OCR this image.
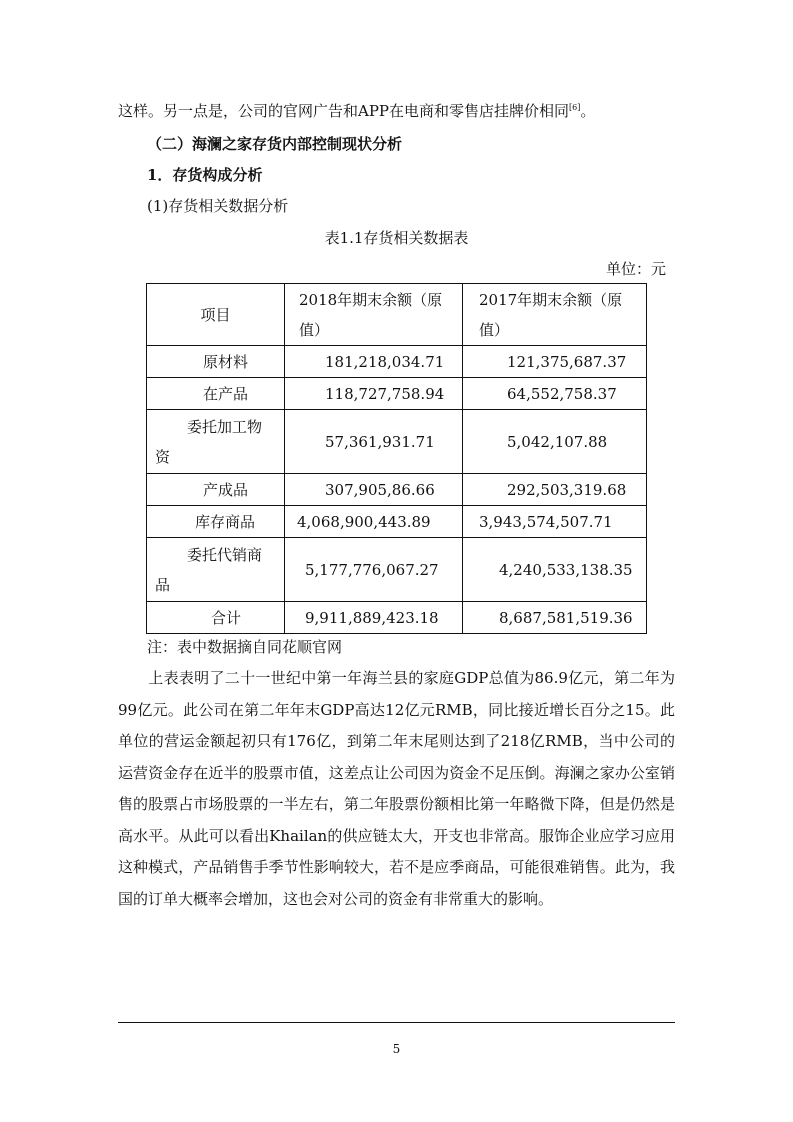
这样。另一点是，公司的官网广告和APP在电商和零售店挂牌价相同[6]。
（二）海澜之家存货内部控制现状分析
1．存货构成分析
(1)存货相关数据分析
表1.1存货相关数据表
单位：元
项目	2018年期末余额（原值）	2017年期末余额（原值）
原材料	181,218,034.71	121,375,687.37
在产品	118,727,758.94	64,552,758.37
委托加工物资	57,361,931.71	5,042,107.88
产成品	307,905,86.66	292,503,319.68
库存商品	4,068,900,443.89	3,943,574,507.71
委托代销商品	5,177,776,067.27	4,240,533,138.35
合计	9,911,889,423.18	8,687,581,519.36
注：表中数据摘自同花顺官网
上表表明了二十一世纪中第一年海兰县的家庭GDP总值为86.9亿元，第二年为99亿元。此公司在第二年年末GDP高达12亿元RMB，同比接近增长百分之15。此单位的营运金额起初只有176亿，到第二年末尾则达到了218亿RMB，当中公司的运营资金存在近半的股票市值，这差点让公司因为资金不足压倒。海澜之家办公室销售的股票占市场股票的一半左右，第二年股票份额相比第一年略微下降，但是仍然是高水平。从此可以看出Khailan的供应链太大，开支也非常高。服饰企业应学习应用这种模式，产品销售手季节性影响较大，若不是应季商品，可能很难销售。此为，我国的订单大概率会增加，这也会对公司的资金有非常重大的影响。
5
